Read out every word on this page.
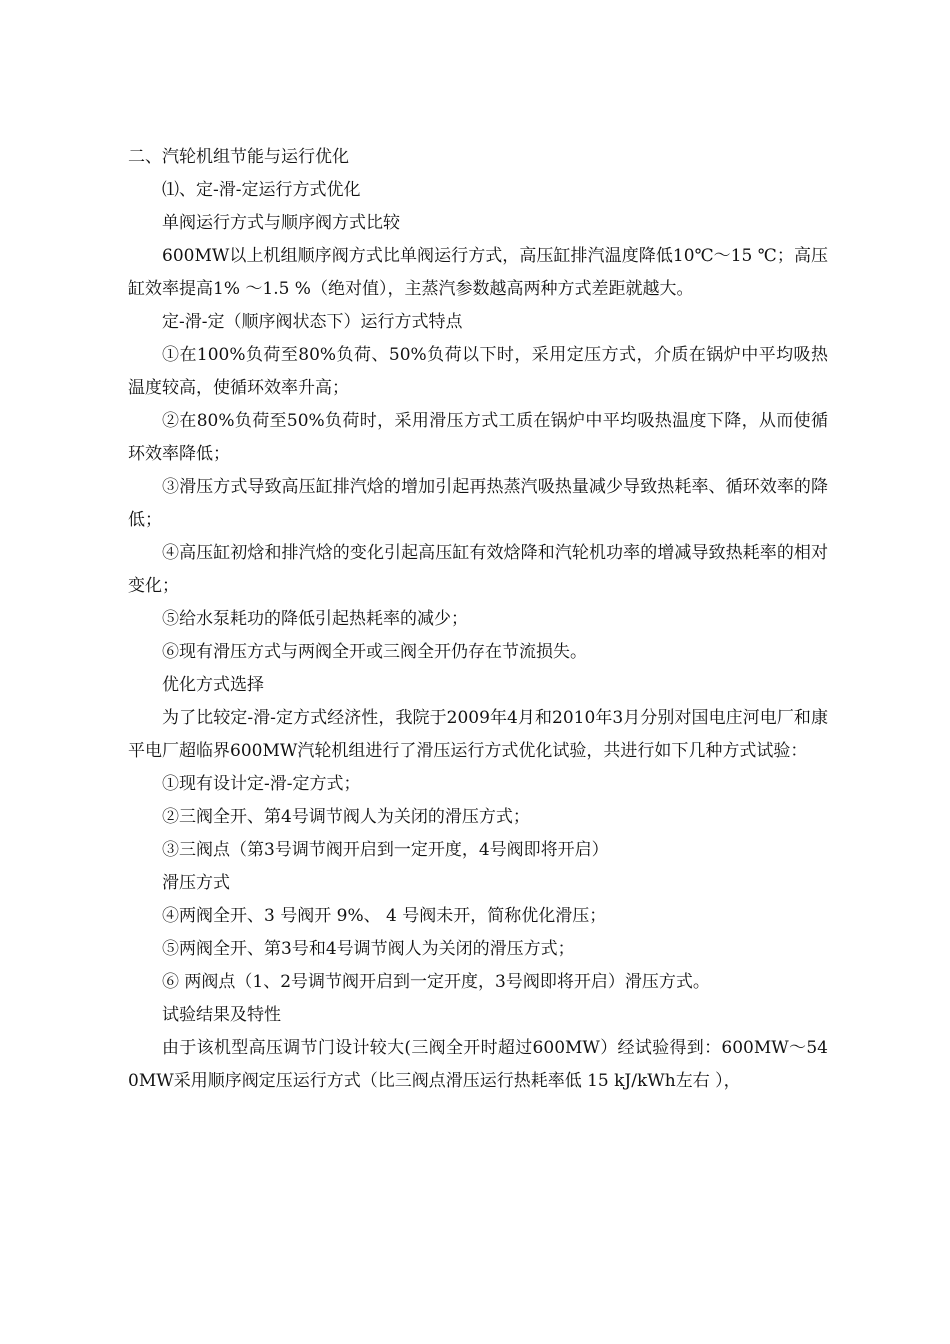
二、汽轮机组节能与运行优化

⑴、定-滑-定运行方式优化

单阀运行方式与顺序阀方式比较

600MW以上机组顺序阀方式比单阀运行方式，高压缸排汽温度降低10℃～15 ℃；高压缸效率提高1% ～1.5 %（绝对值），主蒸汽参数越高两种方式差距就越大。

定-滑-定（顺序阀状态下）运行方式特点

①在100%负荷至80%负荷、50%负荷以下时，采用定压方式，介质在锅炉中平均吸热温度较高，使循环效率升高；

②在80%负荷至50%负荷时，采用滑压方式工质在锅炉中平均吸热温度下降，从而使循环效率降低；

③滑压方式导致高压缸排汽焓的增加引起再热蒸汽吸热量减少导致热耗率、循环效率的降低；

④高压缸初焓和排汽焓的变化引起高压缸有效焓降和汽轮机功率的增减导致热耗率的相对变化；

⑤给水泵耗功的降低引起热耗率的减少；

⑥现有滑压方式与两阀全开或三阀全开仍存在节流损失。

优化方式选择

为了比较定-滑-定方式经济性，我院于2009年4月和2010年3月分别对国电庄河电厂和康平电厂超临界600MW汽轮机组进行了滑压运行方式优化试验，共进行如下几种方式试验：

①现有设计定-滑-定方式；

②三阀全开、第4号调节阀人为关闭的滑压方式；

③三阀点（第3号调节阀开启到一定开度，4号阀即将开启）

滑压方式

④两阀全开、3 号阀开 9%、 4 号阀未开，简称优化滑压；

⑤两阀全开、第3号和4号调节阀人为关闭的滑压方式；

⑥ 两阀点（1、2号调节阀开启到一定开度，3号阀即将开启）滑压方式。

试验结果及特性

由于该机型高压调节门设计较大(三阀全开时超过600MW）经试验得到：600MW～540MW采用顺序阀定压运行方式（比三阀点滑压运行热耗率低 15 kJ/kWh左右 ），
